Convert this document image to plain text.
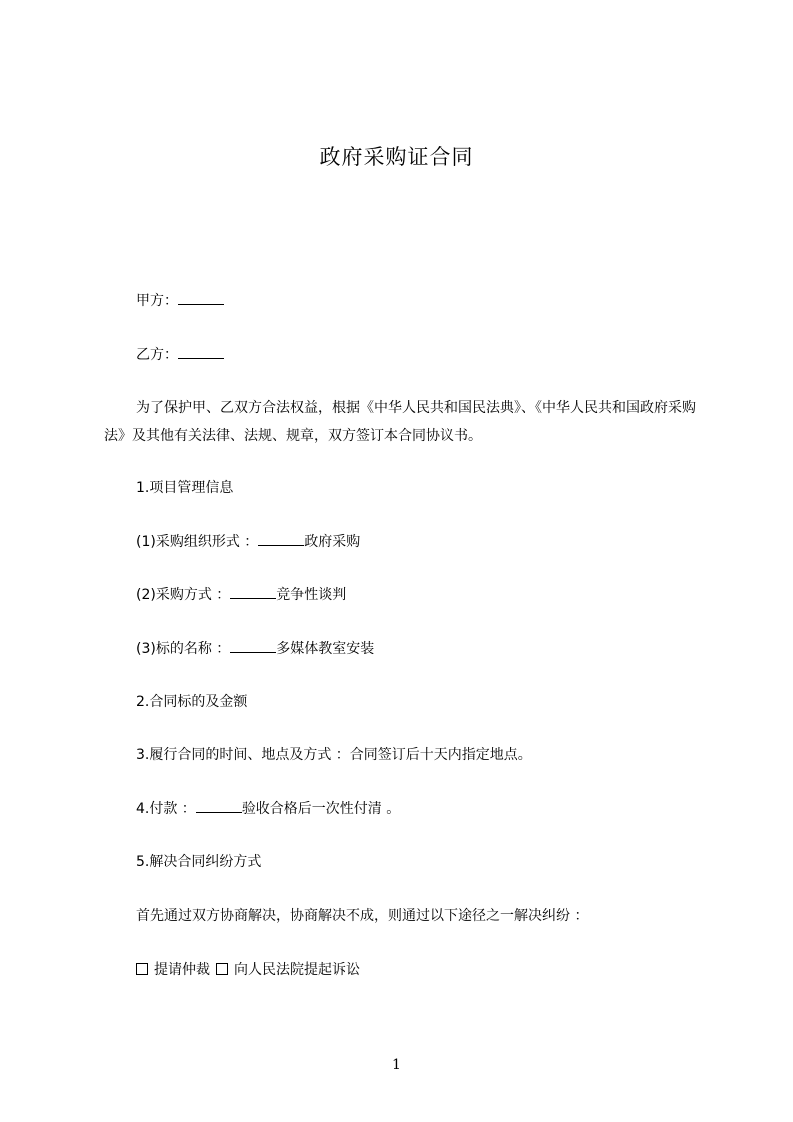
政府采购证合同
甲方：
乙方：
为了保护甲、乙双方合法权益，根据《中华人民共和国民法典》、《中华人民共和国政府采购法》及其他有关法律、法规、规章，双方签订本合同协议书。
1.项目管理信息
(1)采购组织形式 ：	政府采购
(2)采购方式 ：	竞争性谈判
(3)标的名称 ：	多媒体教室安装
2.合同标的及金额
3.履行合同的时间、地点及方式 ：合同签订后十天内指定地点。
4.付款 ：	验收合格后一次性付清 。
5.解决合同纠纷方式
首先通过双方协商解决，协商解决不成，则通过以下途径之一解决纠纷 ：
提请仲裁 向人民法院提起诉讼
1
